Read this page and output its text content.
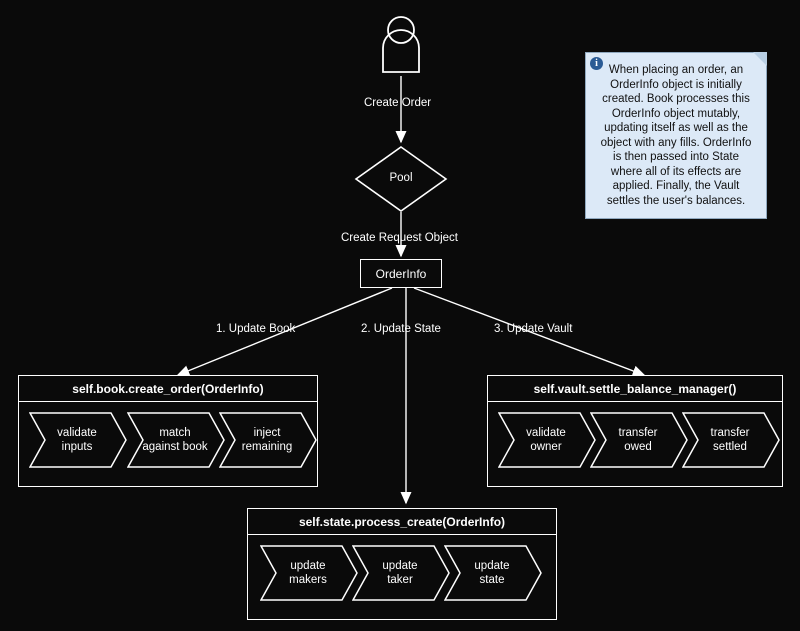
Create Order
Create Request Object
1. Update Book	2. Update State	3. Update Vault
Pool
OrderInfo
i
When placing an order, an OrderInfo object is initially created. Book processes this OrderInfo object mutably, updating itself as well as the object with any fills. OrderInfo is then passed into State where all of its effects are applied. Finally, the Vault settles the user's balances.
self.book.create_order(OrderInfo)
validate
inputs
match
against book
inject
remaining
self.vault.settle_balance_manager()
validate
owner
transfer
owed
transfer
settled
self.state.process_create(OrderInfo)
update
makers
update
taker
update
state
